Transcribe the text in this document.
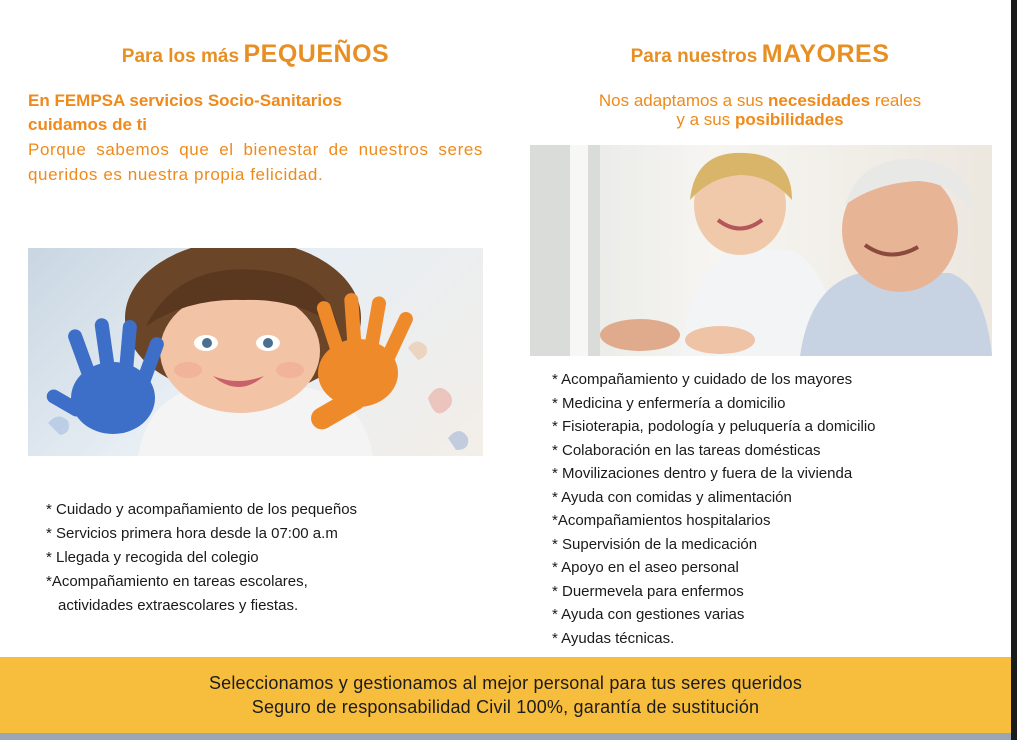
Para los más PEQUEÑOS
En FEMPSA servicios Socio-Sanitarios
cuidamos de ti
Porque sabemos que el bienestar de nuestros seres queridos es nuestra propia felicidad.
Para nuestros MAYORES
Nos adaptamos a sus necesidades reales
y a sus posibilidades
* Cuidado y acompañamiento de los pequeños
* Servicios primera hora desde la 07:00 a.m
* Llegada y recogida del colegio
*Acompañamiento en tareas escolares,
actividades extraescolares y fiestas.
* Acompañamiento y cuidado de los mayores
* Medicina y enfermería a domicilio
* Fisioterapia, podología y peluquería a domicilio
* Colaboración en las tareas domésticas
* Movilizaciones dentro y fuera de la vivienda
* Ayuda con comidas y alimentación
*Acompañamientos hospitalarios
* Supervisión de la medicación
* Apoyo en el aseo personal
* Duermevela para enfermos
* Ayuda con gestiones varias
* Ayudas técnicas.
Seleccionamos y gestionamos al mejor personal para tus seres queridos
Seguro de responsabilidad Civil 100%, garantía de sustitución
